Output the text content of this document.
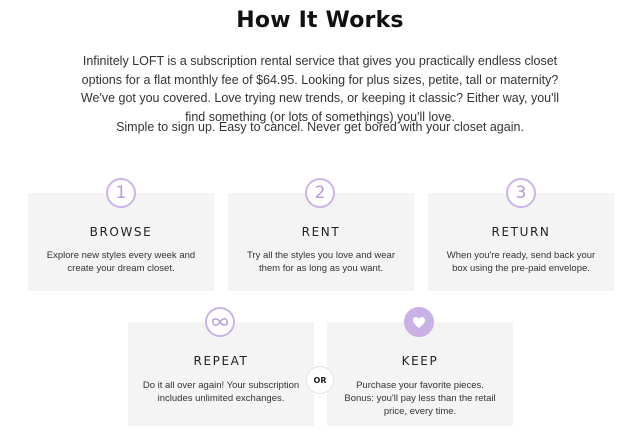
How It Works

Infinitely LOFT is a subscription rental service that gives you practically endless closet options for a flat monthly fee of $64.95. Looking for plus sizes, petite, tall or maternity? We've got you covered. Love trying new trends, or keeping it classic? Either way, you'll find something (or lots of somethings) you'll love.

Simple to sign up. Easy to cancel. Never get bored with your closet again.

BROWSE
Explore new styles every week and create your dream closet.
RENT
Try all the styles you love and wear them for as long as you want.
RETURN
When you're ready, send back your box using the pre-paid envelope.
REPEAT
Do it all over again! Your subscription includes unlimited exchanges.
KEEP
Purchase your favorite pieces. Bonus: you'll pay less than the retail price, every time.
1	2	3
OR
